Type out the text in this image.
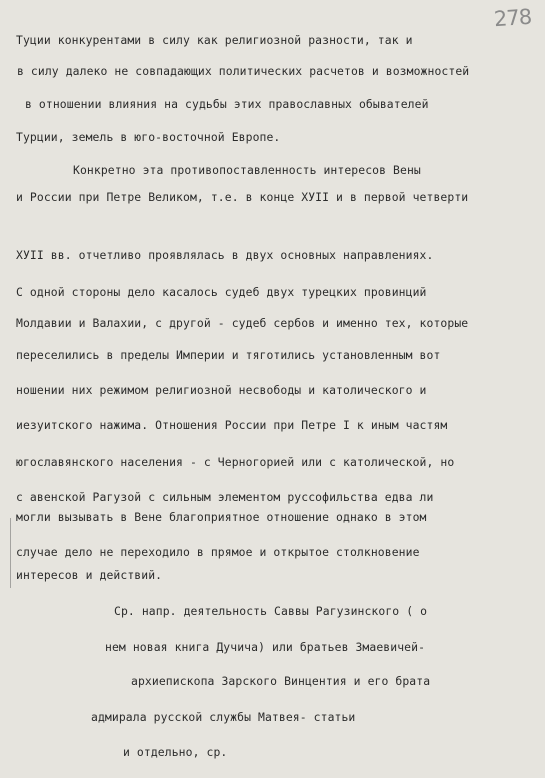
278
Туции конкурентами в силу как религиозной разности, так и
в силу далеко не совпадающих политических расчетов и возможностей
в отношении влияния на судьбы этих православных обывателей
Турции, земель в юго-восточной Европе.
Конкретно эта противопоставленность интересов Вены
и России при Петре Великом, т.е. в конце ХУII и в первой четверти
ХУII вв. отчетливо проявлялась в двух основных направлениях.
С одной стороны дело касалось судеб двух турецких провинций
Молдавии и Валахии, с другой - судеб сербов и именно тех, которые
переселились в пределы Империи и тяготились установленным вот
ношении них режимом религиозной несвободы и католического и
иезуитского нажима. Отношения России при Петре I к иным частям
югославянского населения - с Черногорией или с католической, но
с авенской Рагузой с сильным элементом руссофильства едва ли
могли вызывать в Вене благоприятное отношение однако в этом
случае дело не переходило в прямое и открытое столкновение
интересов и действий.
Ср. напр. деятельность Саввы Рагузинского ( о
нем новая книга Дучича) или братьев Змаевичей-
архиепископа Зарского Винцентия и его брата
адмирала русской службы Матвея- статьи
и отдельно, ср.
